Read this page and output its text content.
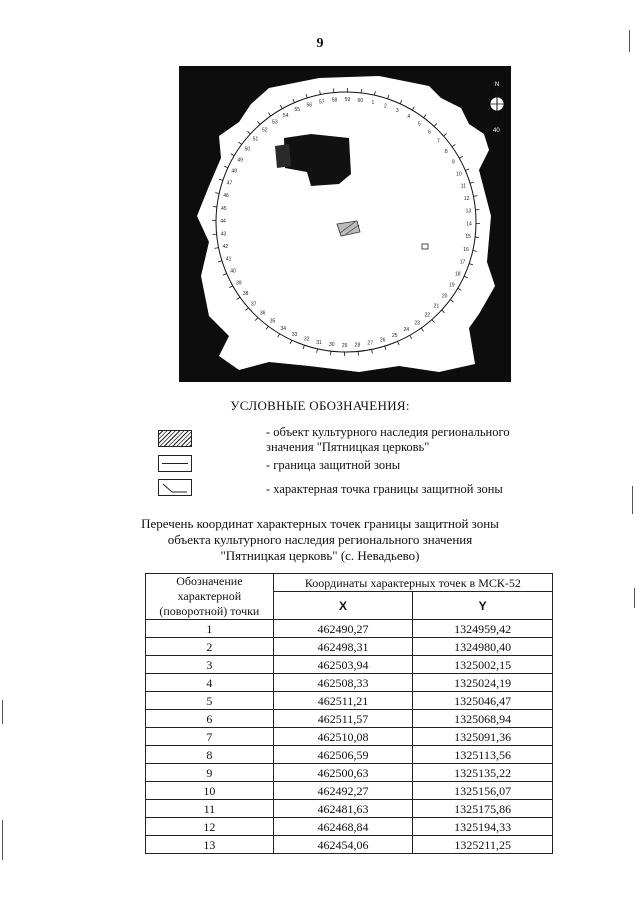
9
1
2
3
4
5
6
7
8
9
10
11
12
13
14
15
16
17
18
19
20
21
22
23
24
25
26
27
28
29
30
31
32
33
34
35
36
37
38
39
40
41
42
43
44
45
46
47
48
49
50
51
52
53
54
55
56
57 58 59 60
N
40
УСЛОВНЫЕ ОБОЗНАЧЕНИЯ:
- объект культурного наследия регионального значения "Пятницкая церковь"
- граница защитной зоны
- характерная точка границы защитной зоны
Перечень координат характерных точек границы защитной зоны
объекта культурного наследия регионального значения
"Пятницкая церковь" (с. Невадьево)
Обозначение характерной (поворотной) точки	Координаты характерных точек в МСК-52	
	X	Y
1	462490,27	1324959,42
2	462498,31	1324980,40
3	462503,94	1325002,15
4	462508,33	1325024,19
5	462511,21	1325046,47
6	462511,57	1325068,94
7	462510,08	1325091,36
8	462506,59	1325113,56
9	462500,63	1325135,22
10	462492,27	1325156,07
11	462481,63	1325175,86
12	462468,84	1325194,33
13	462454,06	1325211,25
